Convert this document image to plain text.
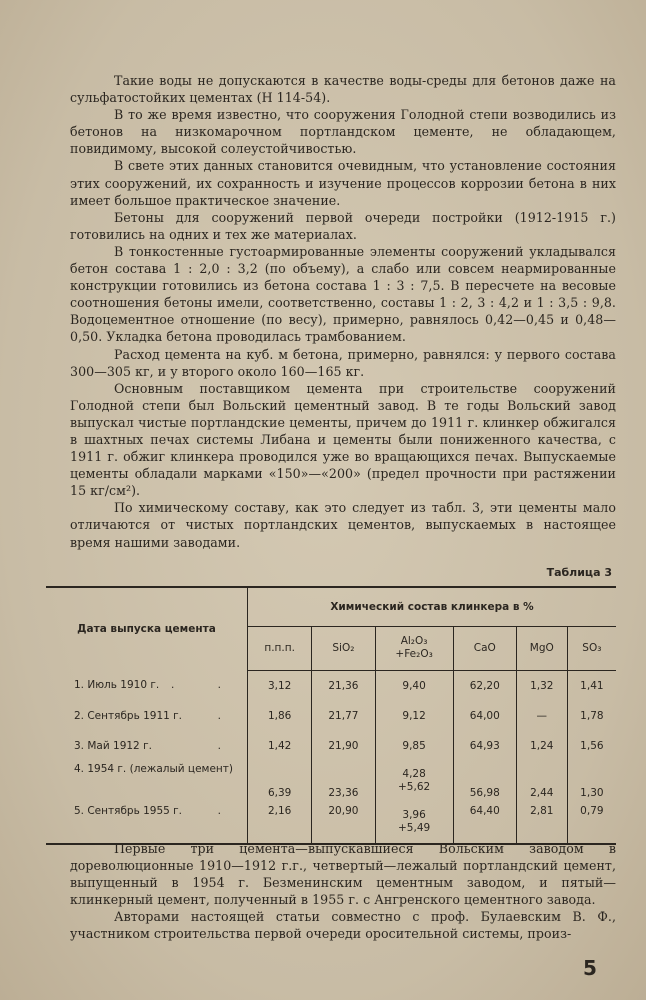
Такие воды не допускаются в качестве воды-среды для бетонов даже на сульфатостойких цементах (Н 114-54).

В то же время известно, что сооружения Голодной степи возводились из бетонов на низкомарочном портландском цементе, не обладающем, повидимому, высокой солеустойчивостью.

В свете этих данных становится очевидным, что установление состояния этих сооружений, их сохранность и изучение процессов коррозии бетона в них имеет большое практическое значение.

Бетоны для сооружений первой очереди постройки (1912-1915 г.) готовились на одних и тех же материалах.

В тонкостенные густоармированные элементы сооружений укладывался бетон состава 1 : 2,0 : 3,2 (по объему), а слабо или совсем неармированные конструкции готовились из бетона состава 1 : 3 : 7,5. В пересчете на весовые соотношения бетоны имели, соответственно, составы 1 : 2, 3 : 4,2 и 1 : 3,5 : 9,8. Водоцементное отношение (по весу), примерно, равнялось 0,42—0,45 и 0,48—0,50. Укладка бетона проводилась трамбованием.

Расход цемента на куб. м бетона, примерно, равнялся: у первого состава 300—305 кг, и у второго около 160—165 кг.

Основным поставщиком цемента при строительстве сооружений Голодной степи был Вольский цементный завод. В те годы Вольский завод выпускал чистые портландские цементы, причем до 1911 г. клинкер обжигался в шахтных печах системы Либана и цементы были пониженного качества, с 1911 г. обжиг клинкера проводился уже во вращающихся печах. Выпускаемые цементы обладали марками «150»—«200» (предел прочности при растяжении 15 кг/см²).

По химическому составу, как это следует из табл. 3, эти цементы мало отличаются от чистых портландских цементов, выпускаемых в настоящее время нашими заводами.

Таблица 3
Дата выпуска цемента	Химический состав клинкера в %					
	п.п.п.	SiO₂	Al₂O₃
+Fe₂O₃	CaO	MgO	SO₃
1. Июль 1910 г. . .	3,12	21,36	9,40	62,20	1,32	1,41
2. Сентябрь 1911 г. .	1,86	21,77	9,12	64,00	—	1,78
3. Май 1912 г. .	1,42	21,90	9,85	64,93	1,24	1,56
4. 1954 г. (лежалый цемент)	6,39	23,36	4,28
+5,62	56,98	2,44	1,30
5. Сентябрь 1955 г. .	2,16	20,90	3,96
+5,49	64,40	2,81	0,79

Первые три цемента—выпускавшиеся Вольским заводом в дореволюционные 1910—1912 г.г., четвертый—лежалый портландский цемент, выпущенный в 1954 г. Безменинским цементным заводом, и пятый—клинкерный цемент, полученный в 1955 г. с Ангренского цементного завода.

Авторами настоящей статьи совместно с проф. Булаевским В. Ф., участником строительства первой очереди оросительной системы, произ-

5
